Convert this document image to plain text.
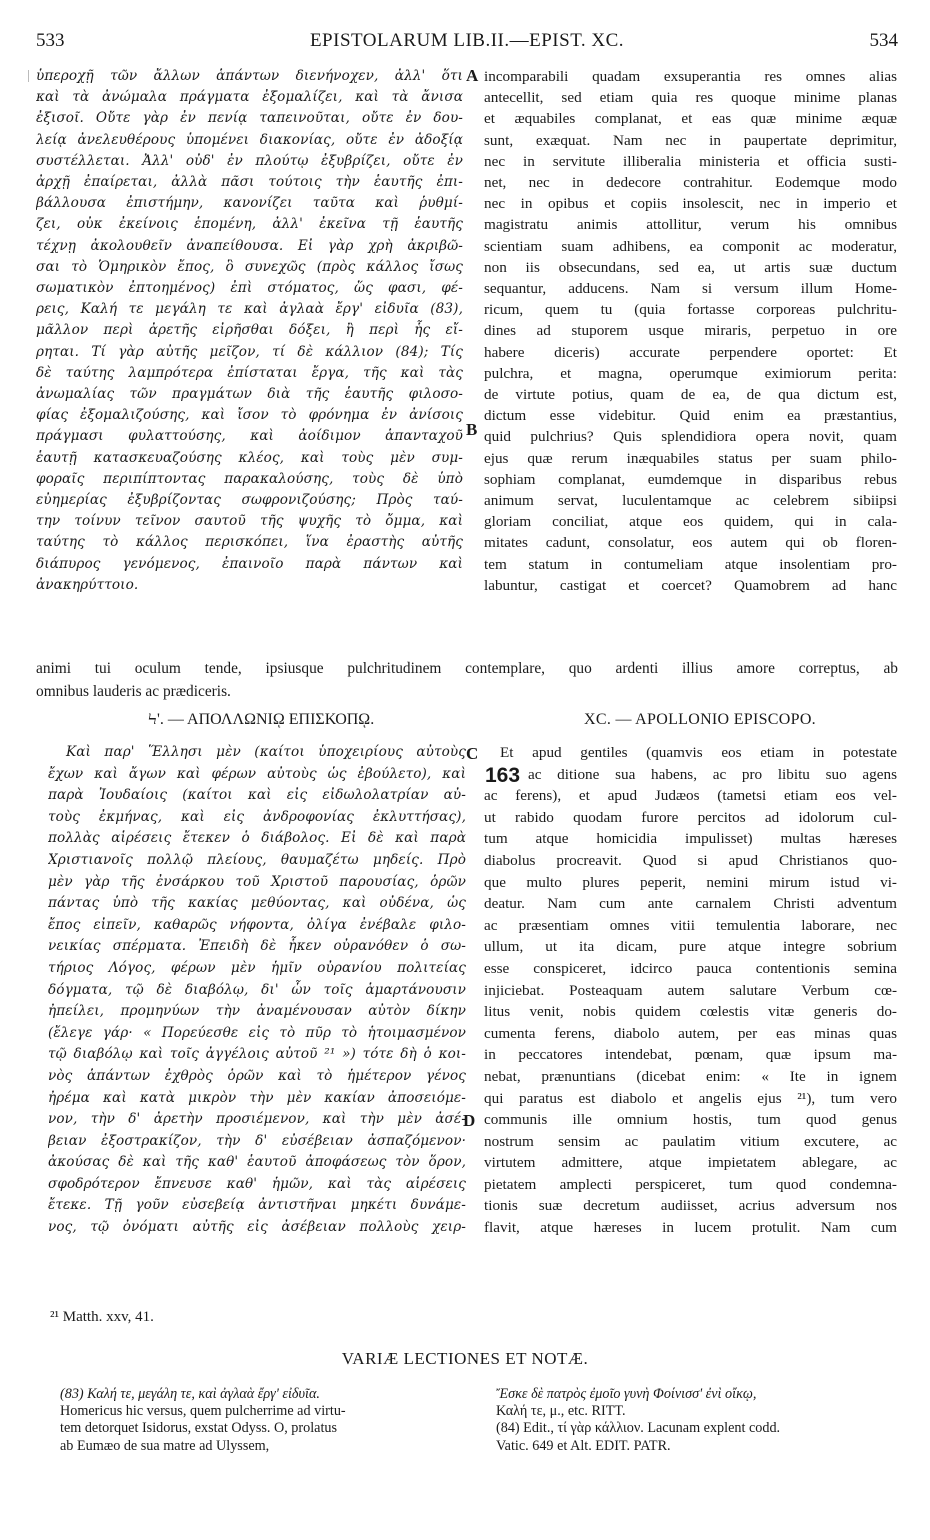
533	EPISTOLARUM LIB.II.—EPIST. XC.	534
ὑπεροχῇ τῶν ἄλλων ἁπάντων διενήνοχεν, ἀλλ' ὅτι
καὶ τὰ ἀνώμαλα πράγματα ἐξομαλίζει, καὶ τὰ ἄνισα
ἐξισοῖ. Οὔτε γὰρ ἐν πενίᾳ ταπεινοῦται, οὔτε ἐν δου-
λείᾳ ἀνελευθέρους ὑπομένει διακονίας, οὔτε ἐν ἀδοξίᾳ
συστέλλεται. Ἀλλ' οὐδ' ἐν πλούτῳ ἐξυβρίζει, οὔτε ἐν
ἀρχῇ ἐπαίρεται, ἀλλὰ πᾶσι τούτοις τὴν ἑαυτῆς ἐπι-
βάλλουσα ἐπιστήμην, κανονίζει ταῦτα καὶ ῥυθμί-
ζει, οὐκ ἐκείνοις ἑπομένη, ἀλλ' ἐκεῖνα τῇ ἑαυτῆς
τέχνῃ ἀκολουθεῖν ἀναπείθουσα. Εἰ γὰρ χρὴ ἀκριβῶ-
σαι τὸ Ὁμηρικὸν ἔπος, ὃ συνεχῶς (πρὸς κάλλος ἴσως
σωματικὸν ἐπτοημένος) ἐπὶ στόματος, ὥς φασι, φέ-
ρεις, Καλή τε μεγάλη τε καὶ ἀγλαὰ ἔργ' εἰδυῖα (83),
μᾶλλον περὶ ἀρετῆς εἰρῆσθαι δόξει, ἢ περὶ ἧς εἴ-
ρηται. Τί γὰρ αὐτῆς μεῖζον, τί δὲ κάλλιον (84); Τίς
δὲ ταύτης λαμπρότερα ἐπίσταται ἔργα, τῆς καὶ τὰς
ἀνωμαλίας τῶν πραγμάτων διὰ τῆς ἑαυτῆς φιλοσο-
φίας ἐξομαλιζούσης, καὶ ἴσον τὸ φρόνημα ἐν ἀνίσοις
πράγμασι φυλαττούσης, καὶ ἀοίδιμον ἁπανταχοῦ
ἑαυτῇ κατασκευαζούσης κλέος, καὶ τοὺς μὲν συμ-
φοραῖς περιπίπτοντας παρακαλούσης, τοὺς δὲ ὑπὸ
εὐημερίας ἐξυβρίζοντας σωφρονιζούσης; Πρὸς ταύ-
την τοίνυν τεῖνον σαυτοῦ τῆς ψυχῆς τὸ ὄμμα, καὶ
ταύτης τὸ κάλλος περισκόπει, ἵνα ἐραστὴς αὐτῆς
διάπυρος γενόμενος, ἐπαινοῖο παρὰ πάντων καὶ
ἀνακηρύττοιο.
incomparabili quadam exsuperantia res omnes alias
antecellit, sed etiam quia res quoque minime planas
et æquabiles complanat, et eas quæ minime æquæ
sunt, exæquat. Nam nec in paupertate deprimitur,
nec in servitute illiberalia ministeria et officia susti-
net, nec in dedecore contrahitur. Eodemque modo
nec in opibus et copiis insolescit, nec in imperio et
magistratu animis attollitur, verum his omnibus
scientiam suam adhibens, ea componit ac moderatur,
non iis obsecundans, sed ea, ut artis suæ ductum
sequantur, adducens. Nam si versum illum Home-
ricum, quem tu (quia fortasse corporeas pulchritu-
dines ad stuporem usque miraris, perpetuo in ore
habere diceris) accurate perpendere oportet: Et
pulchra, et magna, operumque eximiorum perita:
de virtute potius, quam de ea, de qua dictum est,
dictum esse videbitur. Quid enim ea præstantius,
quid pulchrius? Quis splendidiora opera novit, quam
ejus quæ rerum inæquabiles status per suam philo-
sophiam complanat, eumdemque in disparibus rebus
animum servat, luculentamque ac celebrem sibiipsi
gloriam conciliat, atque eos quidem, qui in cala-
mitates cadunt, consolatur, eos autem qui ob floren-
tem statum in contumeliam atque insolentiam pro-
labuntur, castigat et coercet? Quamobrem ad hanc
A
B
animi tui oculum tende, ipsiusque pulchritudinem contemplare, quo ardenti illius amore correptus, ab
omnibus lauderis ac prædiceris.
Ϟ'. — ΑΠΟΛΛΩΝΙῼ ΕΠΙΣΚΟΠῼ.	XC. — APOLLONIO EPISCOPO.
Καὶ παρ' Ἕλλησι μὲν (καίτοι ὑποχειρίους αὐτοὺς
ἔχων καὶ ἄγων καὶ φέρων αὐτοὺς ὡς ἐβούλετο), καὶ
παρὰ Ἰουδαίοις (καίτοι καὶ εἰς εἰδωλολατρίαν αὐ-
τοὺς ἐκμήνας, καὶ εἰς ἀνδροφονίας ἐκλυττήσας),
πολλὰς αἱρέσεις ἔτεκεν ὁ διάβολος. Εἰ δὲ καὶ παρὰ
Χριστιανοῖς πολλῷ πλείους, θαυμαζέτω μηδείς. Πρὸ
μὲν γὰρ τῆς ἐνσάρκου τοῦ Χριστοῦ παρουσίας, ὁρῶν
πάντας ὑπὸ τῆς κακίας μεθύοντας, καὶ οὐδένα, ὡς
ἔπος εἰπεῖν, καθαρῶς νήφοντα, ὀλίγα ἐνέβαλε φιλο-
νεικίας σπέρματα. Ἐπειδὴ δὲ ἧκεν οὐρανόθεν ὁ σω-
τήριος Λόγος, φέρων μὲν ἡμῖν οὐρανίου πολιτείας
δόγματα, τῷ δὲ διαβόλῳ, δι' ὧν τοῖς ἁμαρτάνουσιν
ἠπείλει, προμηνύων τὴν ἀναμένουσαν αὐτὸν δίκην
(ἔλεγε γάρ· « Πορεύεσθε εἰς τὸ πῦρ τὸ ἡτοιμασμένον
τῷ διαβόλῳ καὶ τοῖς ἀγγέλοις αὐτοῦ ²¹ ») τότε δὴ ὁ κοι-
νὸς ἁπάντων ἐχθρὸς ὁρῶν καὶ τὸ ἡμέτερον γένος
ἠρέμα καὶ κατὰ μικρὸν τὴν μὲν κακίαν ἀποσειόμε-
νον, τὴν δ' ἀρετὴν προσιέμενον, καὶ τὴν μὲν ἀσέ-
βειαν ἐξοστρακίζον, τὴν δ' εὐσέβειαν ἀσπαζόμενον·
ἀκούσας δὲ καὶ τῆς καθ' ἑαυτοῦ ἀποφάσεως τὸν ὅρον,
σφοδρότερον ἔπνευσε καθ' ἡμῶν, καὶ τὰς αἱρέσεις
ἔτεκε. Τῇ γοῦν εὐσεβείᾳ ἀντιστῆναι μηκέτι δυνάμε-
νος, τῷ ὀνόματι αὐτῆς εἰς ἀσέβειαν πολλοὺς χειρ-
Et apud gentiles (quamvis eos etiam in potestate
ac ditione sua habens, ac pro libitu suo agens
ac ferens), et apud Judæos (tametsi etiam eos vel-
ut rabido quodam furore percitos ad idolorum cul-
tum atque homicidia impulisset) multas hæreses
diabolus procreavit. Quod si apud Christianos quo-
que multo plures peperit, nemini mirum istud vi-
deatur. Nam cum ante carnalem Christi adventum
ac præsentiam omnes vitii temulentia laborare, nec
ullum, ut ita dicam, pure atque integre sobrium
esse conspiceret, idcirco pauca contentionis semina
injiciebat. Posteaquam autem salutare Verbum cœ-
litus venit, nobis quidem cœlestis vitæ generis do-
cumenta ferens, diabolo autem, per eas minas quas
in peccatores intendebat, pœnam, quæ ipsum ma-
nebat, prænuntians (dicebat enim: « Ite in ignem
qui paratus est diabolo et angelis ejus ²¹), tum vero
communis ille omnium hostis, tum quod genus
nostrum sensim ac paulatim vitium excutere, ac
virtutem admittere, atque impietatem ablegare, ac
pietatem amplecti perspiceret, tum quod condemna-
tionis suæ decretum audiisset, acrius adversum nos
flavit, atque hæreses in lucem protulit. Nam cum
C
D
163
²¹ Matth. xxv, 41.
VARIÆ LECTIONES ET NOTÆ.
(83) Καλή τε, μεγάλη τε, καὶ ἀγλαὰ ἔργ' εἰδυῖα.
Homericus hic versus, quem pulcherrime ad virtu-
tem detorquet Isidorus, exstat Odyss. O, prolatus
ab Eumæo de sua matre ad Ulyssem,
Ἔσκε δὲ πατρὸς ἐμοῖο γυνὴ Φοίνισσ' ἐνὶ οἴκῳ,
Καλή τε, μ., etc. RITT.
(84) Edit., τί γὰρ κάλλιον. Lacunam explent codd.
Vatic. 649 et Alt. EDIT. PATR.
